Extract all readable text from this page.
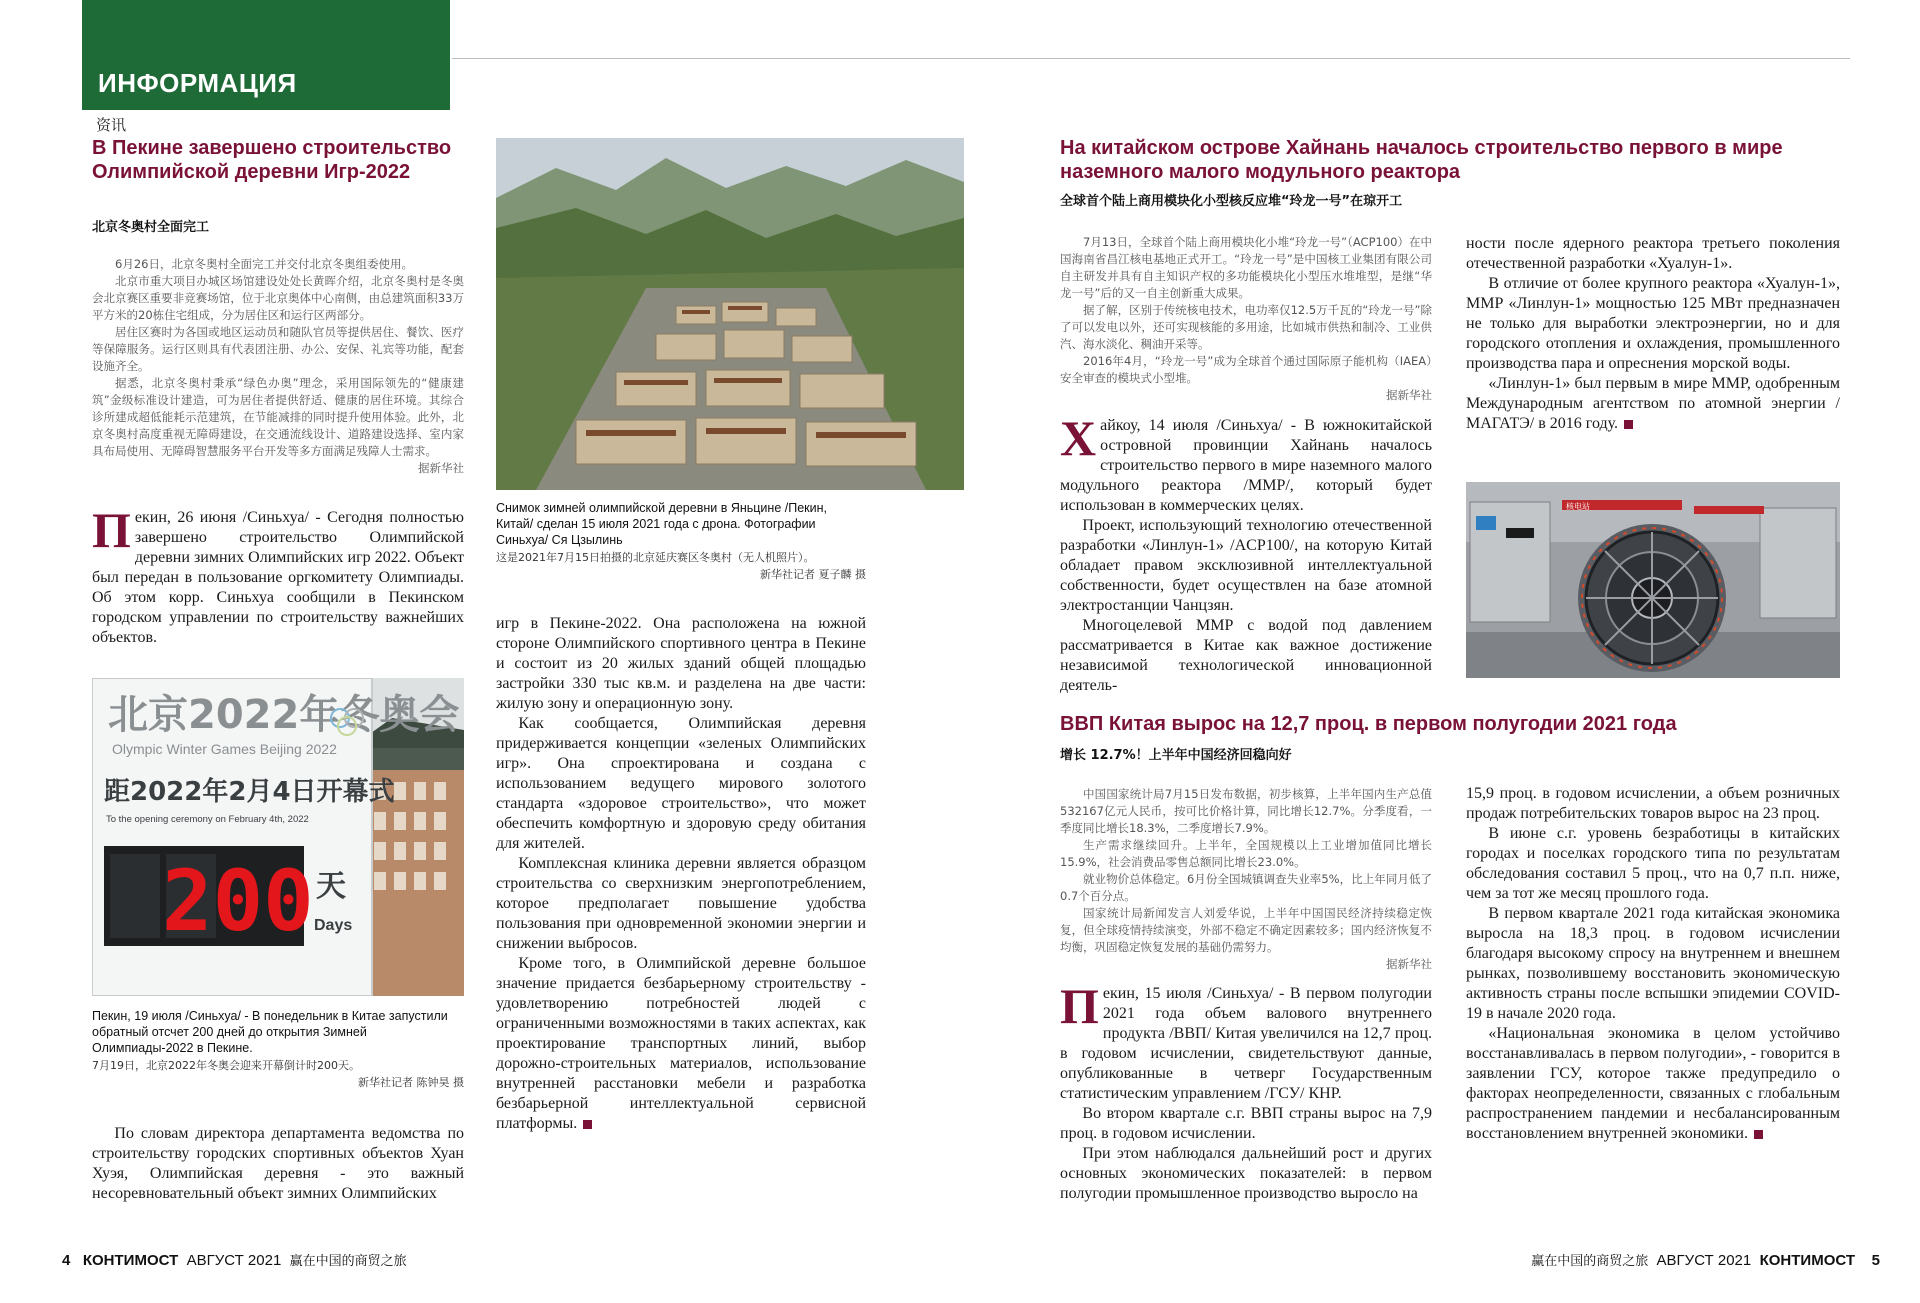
ИНФОРМАЦИЯ
资讯
В Пекине завершено строительство Олимпийской деревни Игр-2022
北京冬奥村全面完工

6月26日，北京冬奥村全面完工并交付北京冬奥组委使用。

北京市重大项目办城区场馆建设处处长黄晖介绍，北京冬奥村是冬奥会北京赛区重要非竞赛场馆，位于北京奥体中心南侧，由总建筑面积33万平方米的20栋住宅组成，分为居住区和运行区两部分。

居住区赛时为各国或地区运动员和随队官员等提供居住、餐饮、医疗等保障服务。运行区则具有代表团注册、办公、安保、礼宾等功能，配套设施齐全。

据悉，北京冬奥村秉承“绿色办奥”理念，采用国际领先的“健康建筑”金级标准设计建造，可为居住者提供舒适、健康的居住环境。其综合诊所建成超低能耗示范建筑，在节能减排的同时提升使用体验。此外，北京冬奥村高度重视无障碍建设，在交通流线设计、道路建设选择、室内家具布局使用、无障碍智慧服务平台开发等多方面满足残障人士需求。

据新华社

Пекин, 26 июня /Синьхуа/ - Сегодня полностью завершено строительство Олимпийской деревни зимних Олимпийских игр 2022. Объект был передан в пользование оргкомитету Олимпиады. Об этом корр. Синьхуа сообщили в Пекинском городском управлении по строительству важнейших объектов.

北京2022年冬奥会
Olympic Winter Games Beijing 2022
距2022年2月4日开幕式
To the opening ceremony on February 4th, 2022
200 天
Days
Пекин, 19 июля /Синьхуа/ - В понедельник в Китае запустили обратный отсчет 200 дней до открытия Зимней Олимпиады-2022 в Пекине.
7月19日，北京2022年冬奥会迎来开幕倒计时200天。
新华社记者 陈钟昊 摄

По словам директора департамента ведомства по строительству городских спортивных объектов Хуан Хуэя, Олимпийская деревня - это важный несоревновательный объект зимних Олимпийских

Снимок зимней олимпийской деревни в Яньцине /Пекин, Китай/ сделан 15 июля 2021 года с дрона. Фотографии Синьхуа/ Ся Цзылинь
这是2021年7月15日拍摄的北京延庆赛区冬奥村（无人机照片）。
新华社记者 夏子麟 摄

игр в Пекине-2022. Она расположена на южной стороне Олимпийского спортивного центра в Пекине и состоит из 20 жилых зданий общей площадью застройки 330 тыс кв.м. и разделена на две части: жилую зону и операционную зону.

Как сообщается, Олимпийская деревня придерживается концепции «зеленых Олимпийских игр». Она спроектирована и создана с использованием ведущего мирового золотого стандарта «здоровое строительство», что может обеспечить комфортную и здоровую среду обитания для жителей.

Комплексная клиника деревни является образцом строительства со сверхнизким энергопотреблением, которое предполагает повышение удобства пользования при одновременной экономии энергии и снижении выбросов.

Кроме того, в Олимпийской деревне большое значение придается безбарьерному строительству - удовлетворению потребностей людей с ограниченными возможностями в таких аспектах, как проектирование транспортных линий, выбор дорожно-строительных материалов, использование внутренней расстановки мебели и разработка безбарьерной интеллектуальной сервисной платформы.

На китайском острове Хайнань началось строительство первого в мире наземного малого модульного реактора
全球首个陆上商用模块化小型核反应堆“玲龙一号”在琼开工

7月13日，全球首个陆上商用模块化小堆“玲龙一号”（ACP100）在中国海南省昌江核电基地正式开工。“玲龙一号”是中国核工业集团有限公司自主研发并具有自主知识产权的多功能模块化小型压水堆堆型，是继“华龙一号”后的又一自主创新重大成果。

据了解，区别于传统核电技术，电功率仅12.5万千瓦的“玲龙一号”除了可以发电以外，还可实现核能的多用途，比如城市供热和制冷、工业供汽、海水淡化、稠油开采等。

2016年4月，“玲龙一号”成为全球首个通过国际原子能机构（IAEA）安全审查的模块式小型堆。

据新华社

Хайкоу, 14 июля /Синьхуа/ - В южнокитайской островной провинции Хайнань началось строительство первого в мире наземного малого модульного реактора /ММР/, который будет использован в коммерческих целях.

Проект, использующий технологию отечественной разработки «Линлун-1» /ACP100/, на которую Китай обладает правом эксклюзивной интеллектуальной собственности, будет осуществлен на базе атомной электростанции Чанцзян.

Многоцелевой ММР с водой под давлением рассматривается в Китае как важное достижение независимой технологической инновационной деятель-

ности после ядерного реактора третьего поколения отечественной разработки «Хуалун-1».

В отличие от более крупного реактора «Хуалун-1», ММР «Линлун-1» мощностью 125 МВт предназначен не только для выработки электроэнергии, но и для городского отопления и охлаждения, промышленного производства пара и опреснения морской воды.

«Линлун-1» был первым в мире ММР, одобренным Международным агентством по атомной энергии /МАГАТЭ/ в 2016 году.

核电站
ВВП Китая вырос на 12,7 проц. в первом полугодии 2021 года
增长 12.7%！上半年中国经济回稳向好

中国国家统计局7月15日发布数据，初步核算，上半年国内生产总值532167亿元人民币，按可比价格计算，同比增长12.7%。分季度看，一季度同比增长18.3%，二季度增长7.9%。

生产需求继续回升。上半年，全国规模以上工业增加值同比增长15.9%，社会消费品零售总额同比增长23.0%。

就业物价总体稳定。6月份全国城镇调查失业率5%，比上年同月低了0.7个百分点。

国家统计局新闻发言人刘爱华说，上半年中国国民经济持续稳定恢复，但全球疫情持续演变，外部不稳定不确定因素较多；国内经济恢复不均衡，巩固稳定恢复发展的基础仍需努力。

据新华社

Пекин, 15 июля /Синьхуа/ - В первом полугодии 2021 года объем валового внутреннего продукта /ВВП/ Китая увеличился на 12,7 проц. в годовом исчислении, свидетельствуют данные, опубликованные в четверг Государственным статистическим управлением /ГСУ/ КНР.

Во втором квартале с.г. ВВП страны вырос на 7,9 проц. в годовом исчислении.

При этом наблюдался дальнейший рост и других основных экономических показателей: в первом полугодии промышленное производство выросло на

15,9 проц. в годовом исчислении, а объем розничных продаж потребительских товаров вырос на 23 проц.

В июне с.г. уровень безработицы в китайских городах и поселках городского типа по результатам обследования составил 5 проц., что на 0,7 п.п. ниже, чем за тот же месяц прошлого года.

В первом квартале 2021 года китайская экономика выросла на 18,3 проц. в годовом исчислении благодаря высокому спросу на внутреннем и внешнем рынках, позволившему восстановить экономическую активность страны после вспышки эпидемии COVID-19 в начале 2020 года.

«Национальная экономика в целом устойчиво восстанавливалась в первом полугодии», - говорится в заявлении ГСУ, которое также предупредило о факторах неопределенности, связанных с глобальным распространением пандемии и несбалансированным восстановлением внутренней экономики.

4 КОНТИМОСТ АВГУСТ 2021 赢在中国的商贸之旅	赢在中国的商贸之旅 АВГУСТ 2021 КОНТИМОСТ 5
